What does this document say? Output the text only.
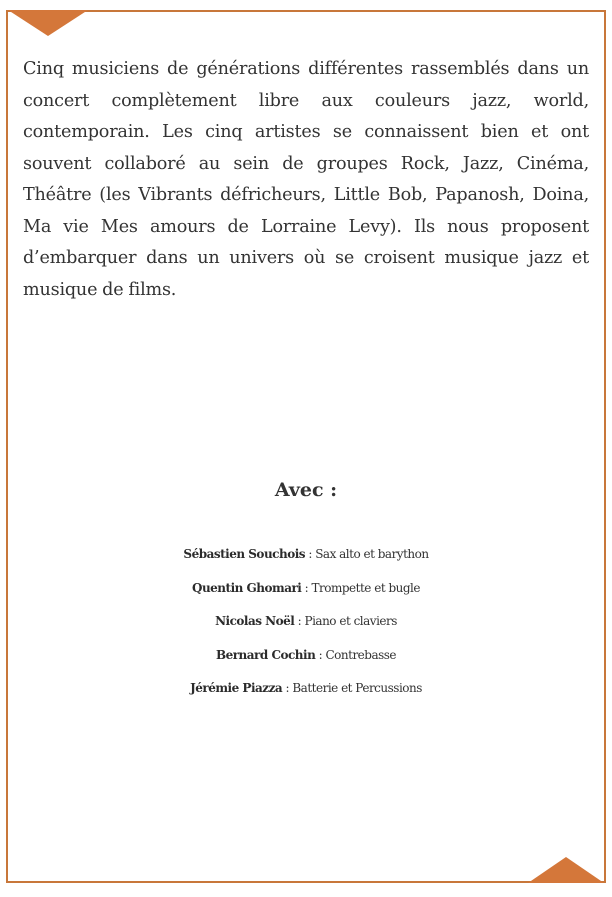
Cinq musiciens de générations différentes rassemblés dans un concert complètement libre aux couleurs jazz, world, contemporain. Les cinq artistes se connaissent bien et ont souvent collaboré au sein de groupes Rock, Jazz, Cinéma, Théâtre (les Vibrants défricheurs, Little Bob, Papanosh, Doina, Ma vie Mes amours de Lorraine Levy). Ils nous proposent d’embarquer dans un univers où se croisent musique jazz et musique de films.

Avec :
Sébastien Souchois : Sax alto et barython
Quentin Ghomari : Trompette et bugle
Nicolas Noël : Piano et claviers
Bernard Cochin : Contrebasse
Jérémie Piazza : Batterie et Percussions
